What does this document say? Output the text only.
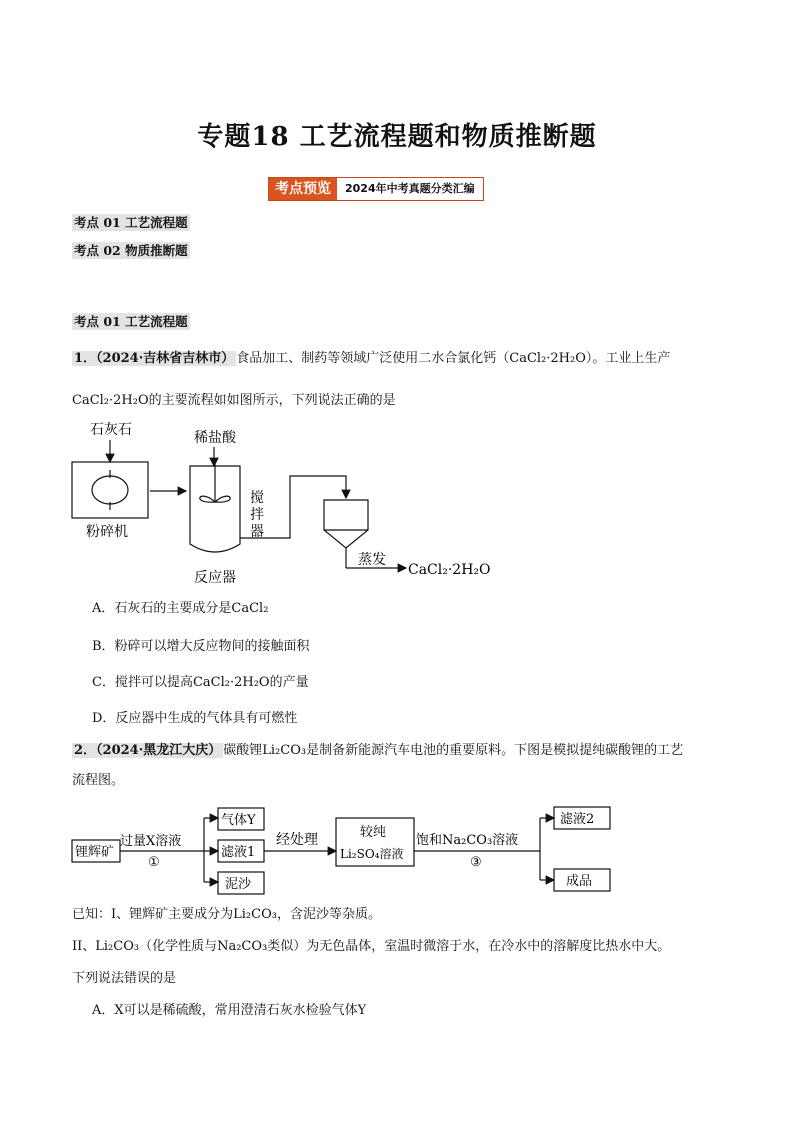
专题18 工艺流程题和物质推断题
考点预览	2024年中考真题分类汇编
考点 01 工艺流程题
考点 02 物质推断题
考点 01 工艺流程题
1．（2024·吉林省吉林市） 食品加工、制药等领域广泛使用二水合氯化钙（CaCl₂·2H₂O）。工业上生产
CaCl₂·2H₂O的主要流程如如图所示，下列说法正确的是
石灰石
粉碎机
稀盐酸
搅
拌
器
反应器
蒸发
CaCl₂·2H₂O
A．石灰石的主要成分是CaCl₂
B．粉碎可以增大反应物间的接触面积
C．搅拌可以提高CaCl₂·2H₂O的产量
D．反应器中生成的气体具有可燃性
2．（2024·黑龙江大庆） 碳酸锂Li₂CO₃是制备新能源汽车电池的重要原料。下图是模拟提纯碳酸锂的工艺
流程图。
锂辉矿
过量X溶液
①
气体Y
滤液1
泥沙
经处理	较纯
Li₂SO₄溶液
饱和Na₂CO₃溶液
③
滤液2
成品
已知：I、锂辉矿主要成分为Li₂CO₃，含泥沙等杂质。
II、Li₂CO₃（化学性质与Na₂CO₃类似）为无色晶体，室温时微溶于水，在冷水中的溶解度比热水中大。
下列说法错误的是
A．X可以是稀硫酸，常用澄清石灰水检验气体Y
